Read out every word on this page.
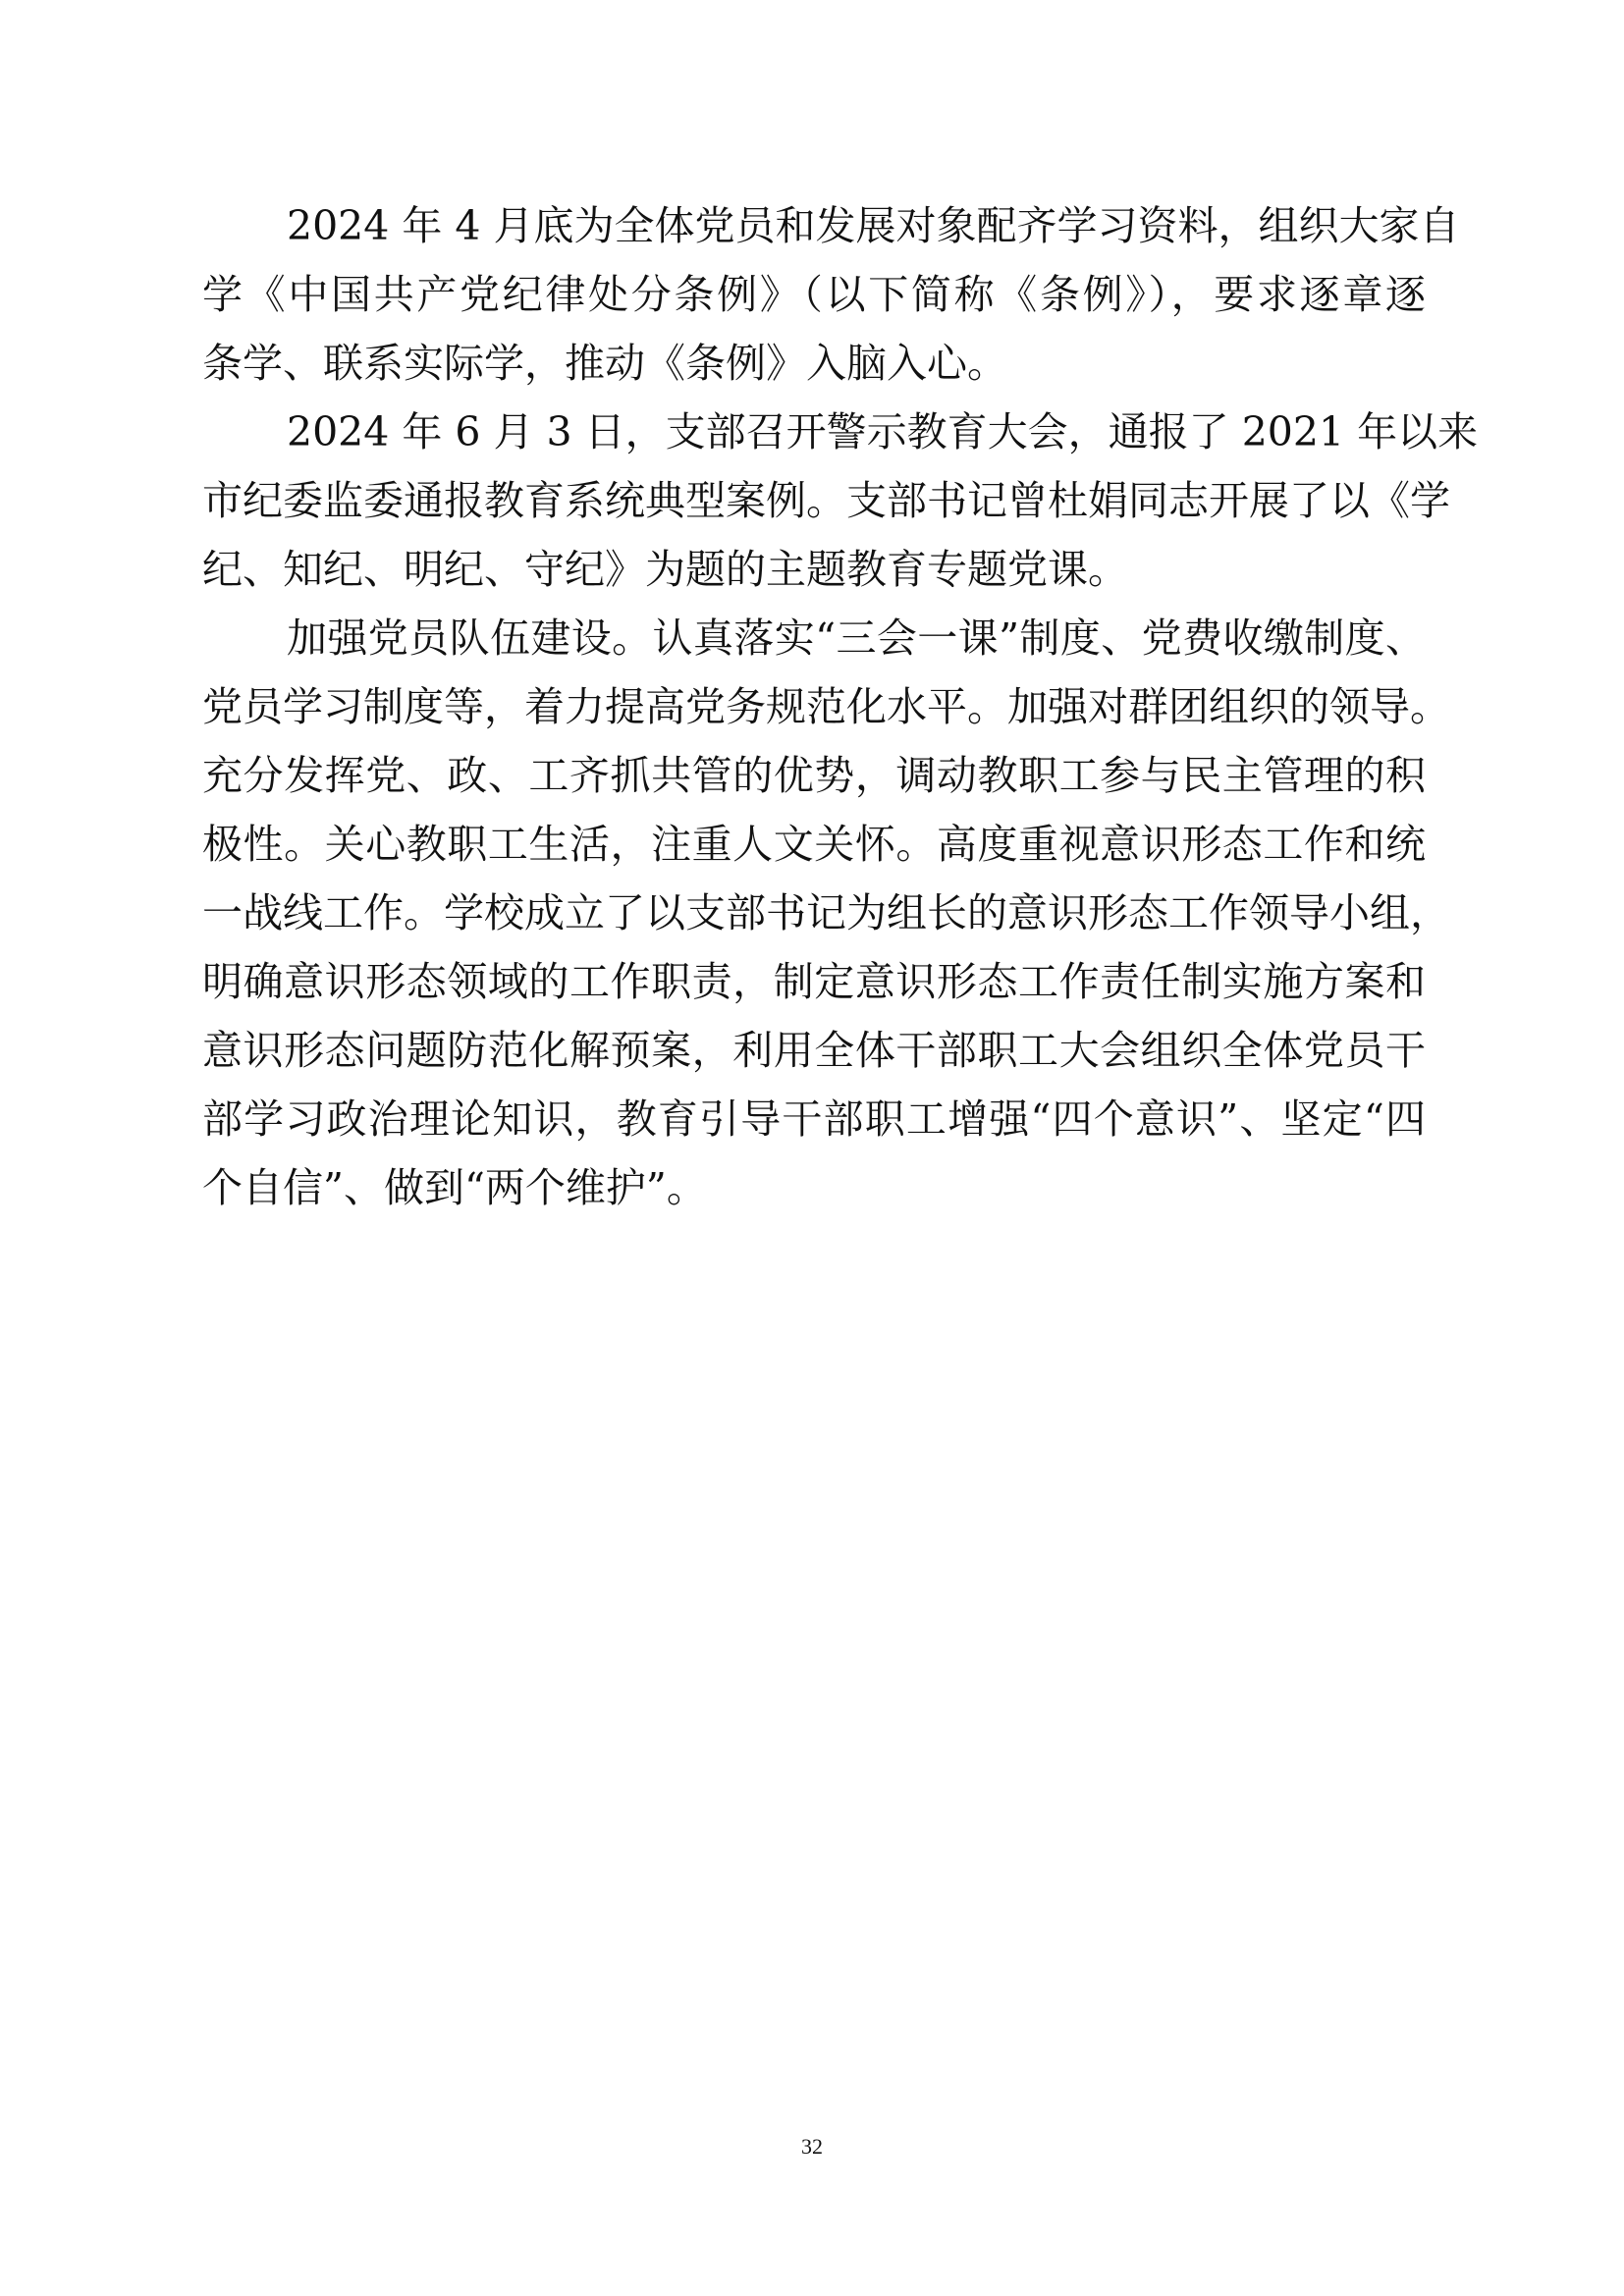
2024 年 4 月底为全体党员和发展对象配齐学习资料，组织大家自
学《中国共产党纪律处分条例》（以下简称《条例》），要求逐章逐
条学、联系实际学，推动《条例》入脑入心。
2024 年 6 月 3 日，支部召开警示教育大会，通报了 2021 年以来
市纪委监委通报教育系统典型案例。支部书记曾杜娟同志开展了以《学
纪、知纪、明纪、守纪》为题的主题教育专题党课。
加强党员队伍建设。认真落实“三会一课”制度、党费收缴制度、
党员学习制度等，着力提高党务规范化水平。加强对群团组织的领导。
充分发挥党、政、工齐抓共管的优势，调动教职工参与民主管理的积
极性。关心教职工生活，注重人文关怀。高度重视意识形态工作和统
一战线工作。学校成立了以支部书记为组长的意识形态工作领导小组，
明确意识形态领域的工作职责，制定意识形态工作责任制实施方案和
意识形态问题防范化解预案，利用全体干部职工大会组织全体党员干
部学习政治理论知识，教育引导干部职工增强“四个意识”、坚定“四
个自信”、做到“两个维护”。
32
